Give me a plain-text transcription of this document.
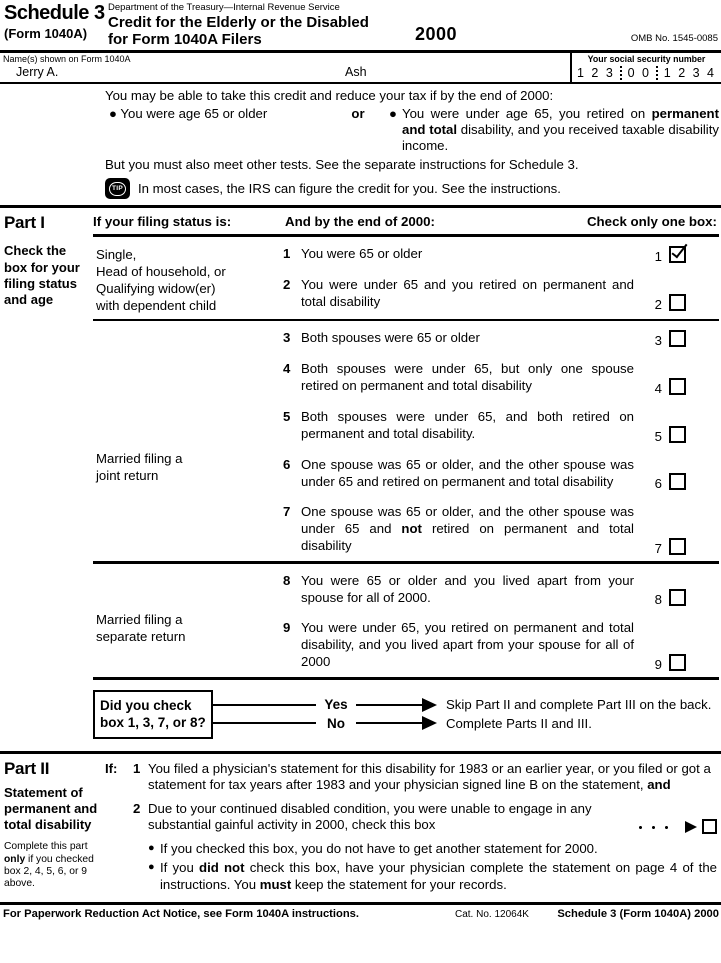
Schedule 3
(Form 1040A)
Department of the Treasury—Internal Revenue Service
Credit for the Elderly or the Disabled
for Form 1040A Filers	2000	OMB No. 1545-0085
Name(s) shown on Form 1040A
Jerry A.	Ash
Your social security number
1 2 3 0 0 1 2 3 4
You may be able to take this credit and reduce your tax if by the end of 2000:
● You were age 65 or older	or	● You were under age 65, you retired on permanent and total disability, and you received taxable disability income.
But you must also meet other tests. See the separate instructions for Schedule 3.
TIP In most cases, the IRS can figure the credit for you. See the instructions.
Part I
Check the box for your filing status and age
If your filing status is:	And by the end of 2000:	Check only one box:
Single,
Head of household, or
Qualifying widow(er)
with dependent child
1 You were 65 or older	1
2 You were under 65 and you retired on permanent and total disability	2
Married filing a
joint return
3 Both spouses were 65 or older	3
4 Both spouses were under 65, but only one spouse retired on permanent and total disability	4
5 Both spouses were under 65, and both retired on permanent and total disability.	5
6 One spouse was 65 or older, and the other spouse was under 65 and retired on permanent and total disability	6
7 One spouse was 65 or older, and the other spouse was under 65 and not retired on permanent and total disability	7
Married filing a
separate return
8 You were 65 or older and you lived apart from your spouse for all of 2000.	8
9 You were under 65, you retired on permanent and total disability, and you lived apart from your spouse for all of 2000	9
Did you check box 1, 3, 7, or 8?
Yes	Skip Part II and complete Part III on the back.
No	Complete Parts II and III.
Part II
Statement of permanent and total disability
Complete this part only if you checked box 2, 4, 5, 6, or 9 above.
If:	1 You filed a physician's statement for this disability for 1983 or an earlier year, or you filed or got a statement for tax years after 1983 and your physician signed line B on the statement, and
2 Due to your continued disabled condition, you were unable to engage in any substantial gainful activity in 2000, check this box
● If you checked this box, you do not have to get another statement for 2000.
● If you did not check this box, have your physician complete the statement on page 4 of the instructions. You must keep the statement for your records.
For Paperwork Reduction Act Notice, see Form 1040A instructions.	Cat. No. 12064K	Schedule 3 (Form 1040A) 2000
